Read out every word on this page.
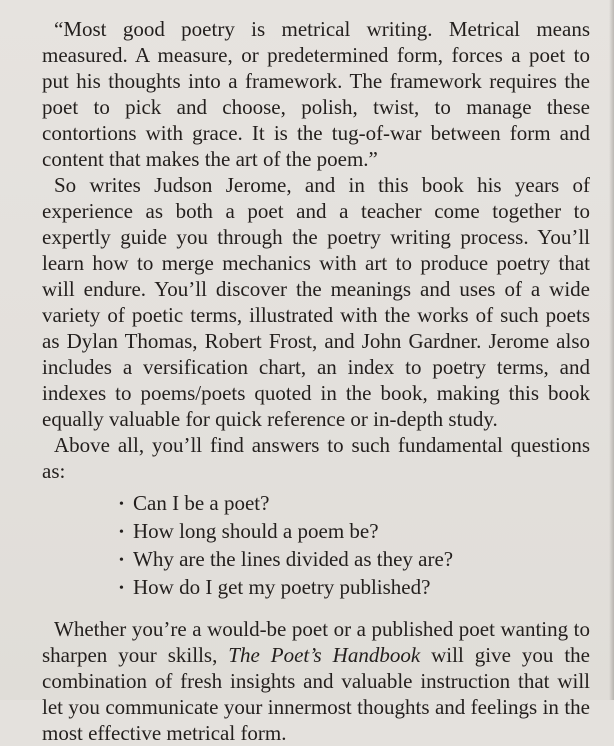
“Most good poetry is metrical writing. Metrical means measured. A measure, or predetermined form, forces a poet to put his thoughts into a framework. The framework requires the poet to pick and choose, polish, twist, to manage these contortions with grace. It is the tug-of-war between form and content that makes the art of the poem.”

So writes Judson Jerome, and in this book his years of experience as both a poet and a teacher come together to expertly guide you through the poetry writing process. You’ll learn how to merge mechanics with art to produce poetry that will endure. You’ll discover the meanings and uses of a wide variety of poetic terms, illustrated with the works of such poets as Dylan Thomas, Robert Frost, and John Gardner. Jerome also includes a versification chart, an index to poetry terms, and indexes to poems/poets quoted in the book, making this book equally valuable for quick reference or in-depth study.

Above all, you’ll find answers to such fundamental questions as:

• Can I be a poet?
• How long should a poem be?
• Why are the lines divided as they are?
• How do I get my poetry published?

Whether you’re a would-be poet or a published poet wanting to sharpen your skills, The Poet’s Handbook will give you the combination of fresh insights and valuable instruction that will let you communicate your innermost thoughts and feelings in the most effective metrical form.
